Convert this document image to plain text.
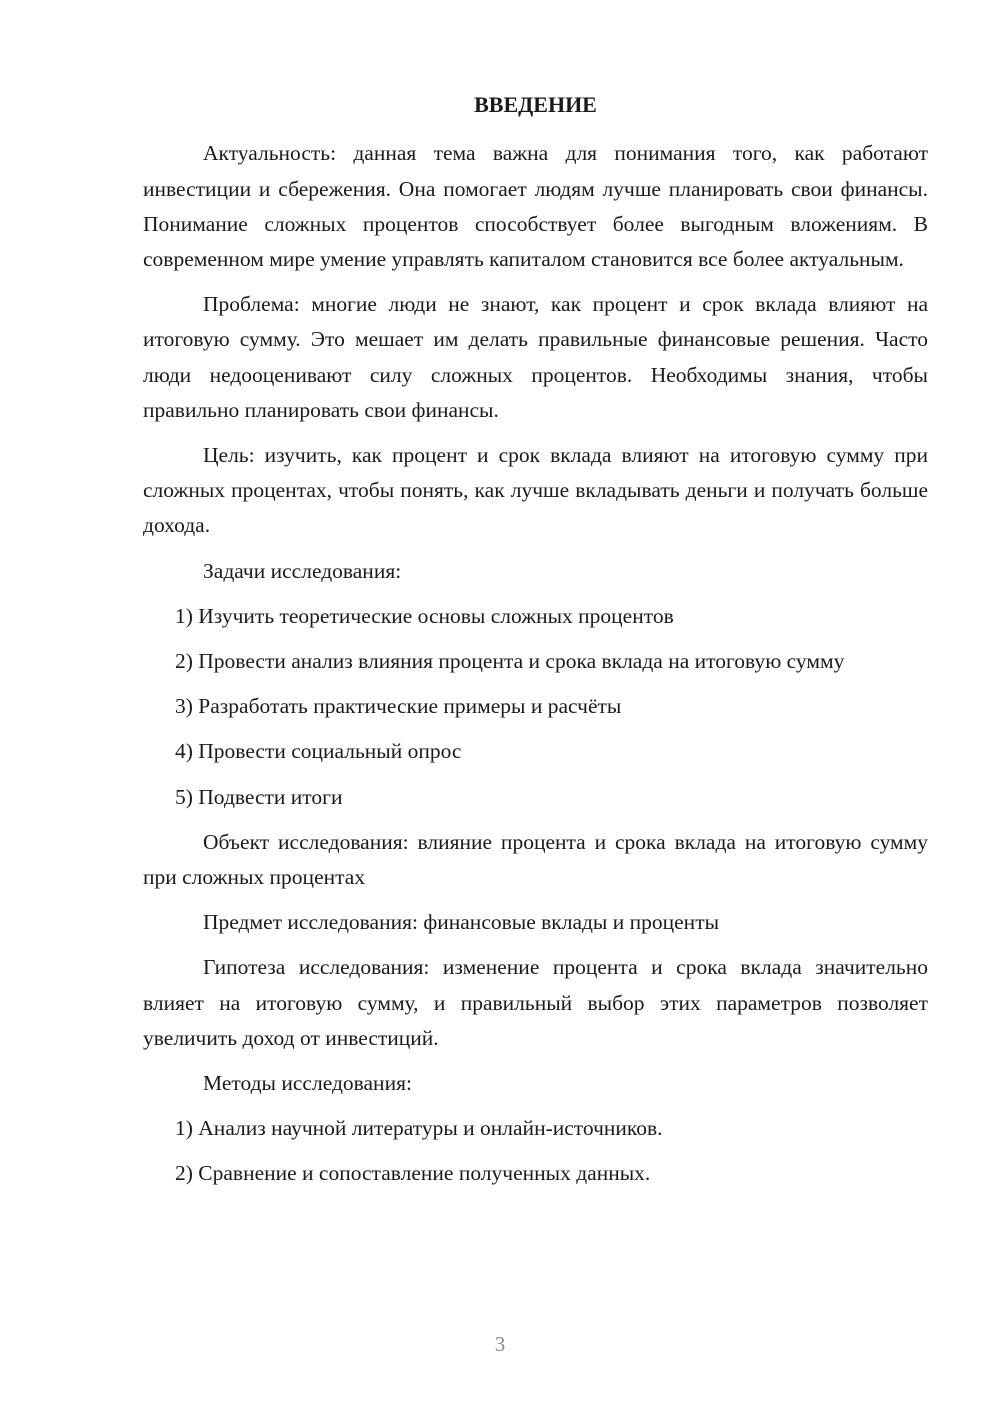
ВВЕДЕНИЕ

Актуальность: данная тема важна для понимания того, как работают инвестиции и сбережения. Она помогает людям лучше планировать свои финансы. Понимание сложных процентов способствует более выгодным вложениям. В современном мире умение управлять капиталом становится все более актуальным.

Проблема: многие люди не знают, как процент и срок вклада влияют на итоговую сумму. Это мешает им делать правильные финансовые решения. Часто люди недооценивают силу сложных процентов. Необходимы знания, чтобы правильно планировать свои финансы.

Цель: изучить, как процент и срок вклада влияют на итоговую сумму при сложных процентах, чтобы понять, как лучше вкладывать деньги и получать больше дохода.

Задачи исследования:

1) Изучить теоретические основы сложных процентов

2) Провести анализ влияния процента и срока вклада на итоговую сумму

3) Разработать практические примеры и расчёты

4) Провести социальный опрос

5) Подвести итоги

Объект исследования: влияние процента и срока вклада на итоговую сумму при сложных процентах

Предмет исследования: финансовые вклады и проценты

Гипотеза исследования: изменение процента и срока вклада значительно влияет на итоговую сумму, и правильный выбор этих параметров позволяет увеличить доход от инвестиций.

Методы исследования:

1) Анализ научной литературы и онлайн-источников.

2) Сравнение и сопоставление полученных данных.

3
